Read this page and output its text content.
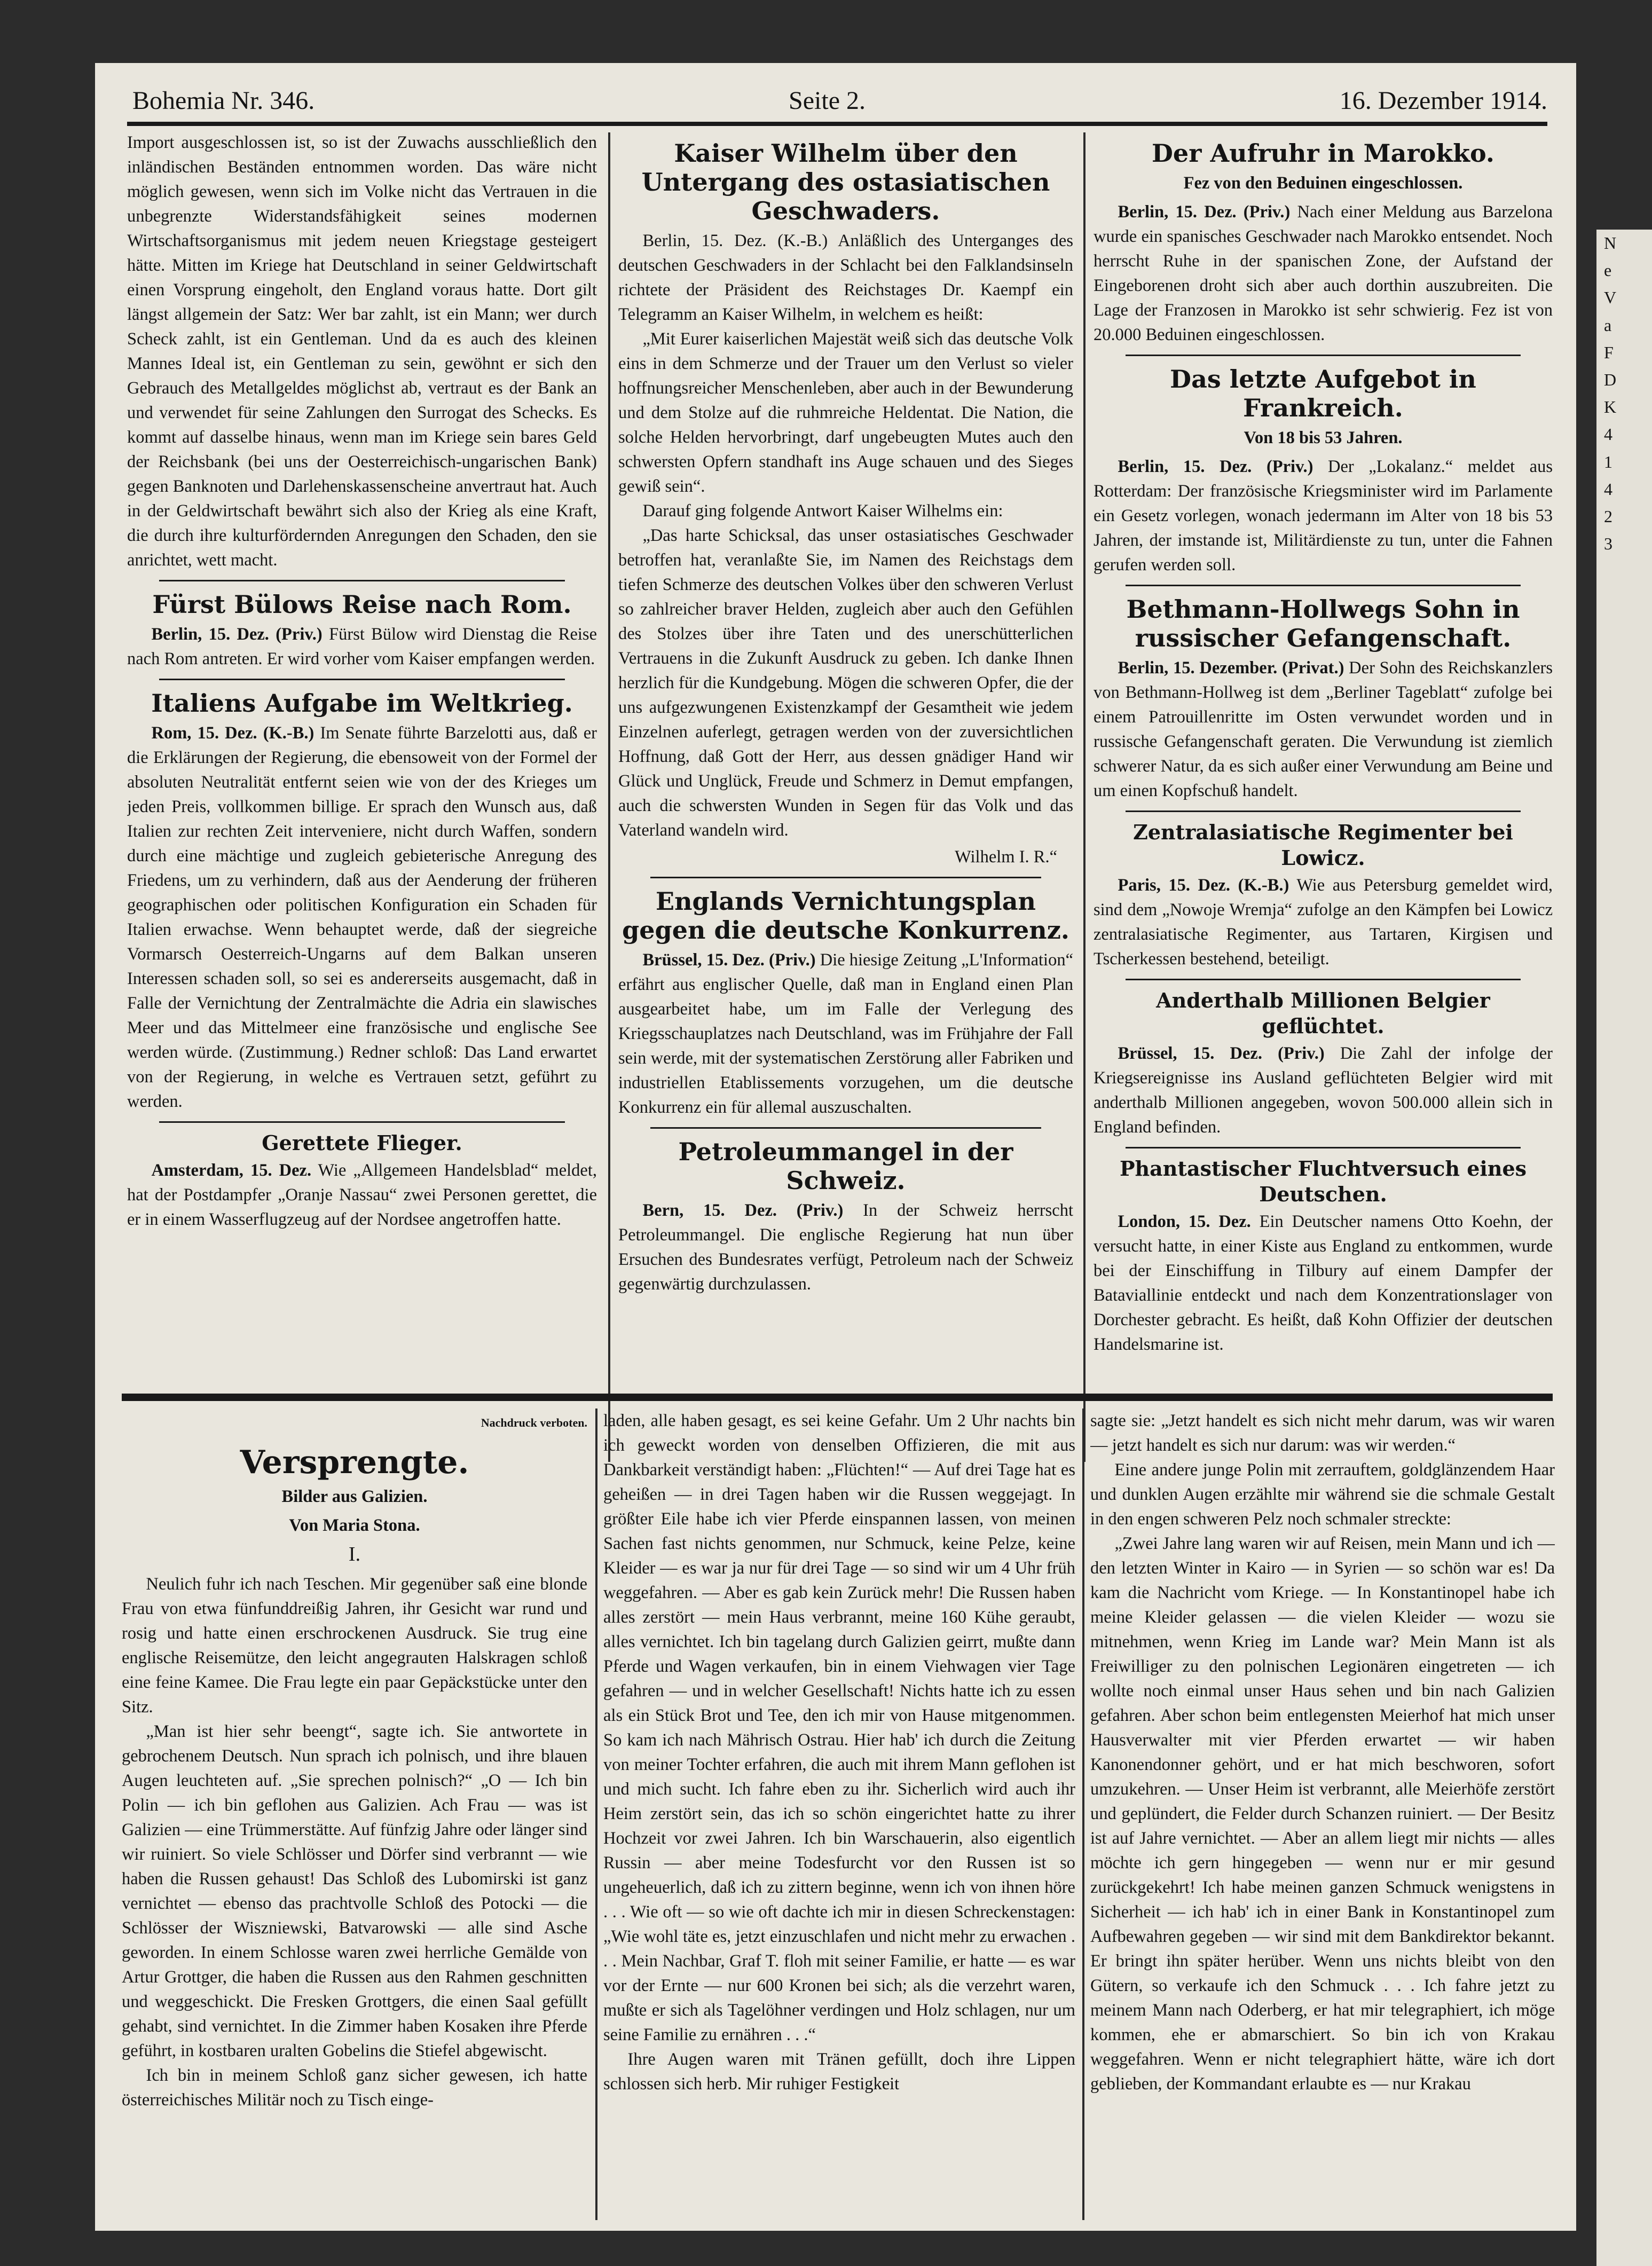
Bohemia Nr. 346.	Seite 2.	16. Dezember 1914.

Import ausgeschlossen ist, so ist der Zuwachs ausschließlich den inländischen Beständen entnommen worden. Das wäre nicht möglich gewesen, wenn sich im Volke nicht das Vertrauen in die unbegrenzte Widerstandsfähigkeit seines modernen Wirtschaftsorganismus mit jedem neuen Kriegstage gesteigert hätte. Mitten im Kriege hat Deutschland in seiner Geldwirtschaft einen Vorsprung eingeholt, den England voraus hatte. Dort gilt längst allgemein der Satz: Wer bar zahlt, ist ein Mann; wer durch Scheck zahlt, ist ein Gentleman. Und da es auch des kleinen Mannes Ideal ist, ein Gentleman zu sein, gewöhnt er sich den Gebrauch des Metallgeldes möglichst ab, vertraut es der Bank an und verwendet für seine Zahlungen den Surrogat des Schecks. Es kommt auf dasselbe hinaus, wenn man im Kriege sein bares Geld der Reichsbank (bei uns der Oesterreichisch-ungarischen Bank) gegen Banknoten und Darlehenskassenscheine anvertraut hat. Auch in der Geldwirtschaft bewährt sich also der Krieg als eine Kraft, die durch ihre kulturfördernden Anregungen den Schaden, den sie anrichtet, wett macht.

Fürst Bülows Reise nach Rom.

Berlin, 15. Dez. (Priv.) Fürst Bülow wird Dienstag die Reise nach Rom antreten. Er wird vorher vom Kaiser empfangen werden.

Italiens Aufgabe im Weltkrieg.

Rom, 15. Dez. (K.-B.) Im Senate führte Barzelotti aus, daß er die Erklärungen der Regierung, die ebensoweit von der Formel der absoluten Neutralität entfernt seien wie von der des Krieges um jeden Preis, vollkommen billige. Er sprach den Wunsch aus, daß Italien zur rechten Zeit interveniere, nicht durch Waffen, sondern durch eine mächtige und zugleich gebieterische Anregung des Friedens, um zu verhindern, daß aus der Aenderung der früheren geographischen oder politischen Konfiguration ein Schaden für Italien erwachse. Wenn behauptet werde, daß der siegreiche Vormarsch Oesterreich-Ungarns auf dem Balkan unseren Interessen schaden soll, so sei es andererseits ausgemacht, daß in Falle der Vernichtung der Zentralmächte die Adria ein slawisches Meer und das Mittelmeer eine französische und englische See werden würde. (Zustimmung.) Redner schloß: Das Land erwartet von der Regierung, in welche es Vertrauen setzt, geführt zu werden.

Gerettete Flieger.

Amsterdam, 15. Dez. Wie „Allgemeen Handelsblad“ meldet, hat der Postdampfer „Oranje Nassau“ zwei Personen gerettet, die er in einem Wasserflugzeug auf der Nordsee angetroffen hatte.

Kaiser Wilhelm über den Untergang des ostasiatischen Geschwaders.

Berlin, 15. Dez. (K.-B.) Anläßlich des Unterganges des deutschen Geschwaders in der Schlacht bei den Falklandsinseln richtete der Präsident des Reichstages Dr. Kaempf ein Telegramm an Kaiser Wilhelm, in welchem es heißt:

„Mit Eurer kaiserlichen Majestät weiß sich das deutsche Volk eins in dem Schmerze und der Trauer um den Verlust so vieler hoffnungsreicher Menschenleben, aber auch in der Bewunderung und dem Stolze auf die ruhmreiche Heldentat. Die Nation, die solche Helden hervorbringt, darf ungebeugten Mutes auch den schwersten Opfern standhaft ins Auge schauen und des Sieges gewiß sein“.

Darauf ging folgende Antwort Kaiser Wilhelms ein:

„Das harte Schicksal, das unser ostasiatisches Geschwader betroffen hat, veranlaßte Sie, im Namen des Reichstags dem tiefen Schmerze des deutschen Volkes über den schweren Verlust so zahlreicher braver Helden, zugleich aber auch den Gefühlen des Stolzes über ihre Taten und des unerschütterlichen Vertrauens in die Zukunft Ausdruck zu geben. Ich danke Ihnen herzlich für die Kundgebung. Mögen die schweren Opfer, die der uns aufgezwungenen Existenzkampf der Gesamtheit wie jedem Einzelnen auferlegt, getragen werden von der zuversichtlichen Hoffnung, daß Gott der Herr, aus dessen gnädiger Hand wir Glück und Unglück, Freude und Schmerz in Demut empfangen, auch die schwersten Wunden in Segen für das Volk und das Vaterland wandeln wird.

Wilhelm I. R.“
Englands Vernichtungsplan gegen die deutsche Konkurrenz.

Brüssel, 15. Dez. (Priv.) Die hiesige Zeitung „L'Information“ erfährt aus englischer Quelle, daß man in England einen Plan ausgearbeitet habe, um im Falle der Verlegung des Kriegsschauplatzes nach Deutschland, was im Frühjahre der Fall sein werde, mit der systematischen Zerstörung aller Fabriken und industriellen Etablissements vorzugehen, um die deutsche Konkurrenz ein für allemal auszuschalten.

Petroleummangel in der Schweiz.

Bern, 15. Dez. (Priv.) In der Schweiz herrscht Petroleummangel. Die englische Regierung hat nun über Ersuchen des Bundesrates verfügt, Petroleum nach der Schweiz gegenwärtig durchzulassen.

Der Aufruhr in Marokko.
Fez von den Beduinen eingeschlossen.

Berlin, 15. Dez. (Priv.) Nach einer Meldung aus Barzelona wurde ein spanisches Geschwader nach Marokko entsendet. Noch herrscht Ruhe in der spanischen Zone, der Aufstand der Eingeborenen droht sich aber auch dorthin auszubreiten. Die Lage der Franzosen in Marokko ist sehr schwierig. Fez ist von 20.000 Beduinen eingeschlossen.

Das letzte Aufgebot in Frankreich.
Von 18 bis 53 Jahren.

Berlin, 15. Dez. (Priv.) Der „Lokalanz.“ meldet aus Rotterdam: Der französische Kriegsminister wird im Parlamente ein Gesetz vorlegen, wonach jedermann im Alter von 18 bis 53 Jahren, der imstande ist, Militärdienste zu tun, unter die Fahnen gerufen werden soll.

Bethmann-Hollwegs Sohn in russischer Gefangenschaft.

Berlin, 15. Dezember. (Privat.) Der Sohn des Reichskanzlers von Bethmann-Hollweg ist dem „Berliner Tageblatt“ zufolge bei einem Patrouillenritte im Osten verwundet worden und in russische Gefangenschaft geraten. Die Verwundung ist ziemlich schwerer Natur, da es sich außer einer Verwundung am Beine und um einen Kopfschuß handelt.

Zentralasiatische Regimenter bei Lowicz.

Paris, 15. Dez. (K.-B.) Wie aus Petersburg gemeldet wird, sind dem „Nowoje Wremja“ zufolge an den Kämpfen bei Lowicz zentralasiatische Regimenter, aus Tartaren, Kirgisen und Tscherkessen bestehend, beteiligt.

Anderthalb Millionen Belgier geflüchtet.

Brüssel, 15. Dez. (Priv.) Die Zahl der infolge der Kriegsereignisse ins Ausland geflüchteten Belgier wird mit anderthalb Millionen angegeben, wovon 500.000 allein sich in England befinden.

Phantastischer Fluchtversuch eines Deutschen.

London, 15. Dez. Ein Deutscher namens Otto Koehn, der versucht hatte, in einer Kiste aus England zu entkommen, wurde bei der Einschiffung in Tilbury auf einem Dampfer der Bataviallinie entdeckt und nach dem Konzentrationslager von Dorchester gebracht. Es heißt, daß Kohn Offizier der deutschen Handelsmarine ist.

Nachdruck verboten.
Versprengte.
Bilder aus Galizien.
Von Maria Stona.
I.

Neulich fuhr ich nach Teschen. Mir gegenüber saß eine blonde Frau von etwa fünfunddreißig Jahren, ihr Gesicht war rund und rosig und hatte einen erschrockenen Ausdruck. Sie trug eine englische Reisemütze, den leicht angegrauten Halskragen schloß eine feine Kamee. Die Frau legte ein paar Gepäckstücke unter den Sitz.

„Man ist hier sehr beengt“, sagte ich. Sie antwortete in gebrochenem Deutsch. Nun sprach ich polnisch, und ihre blauen Augen leuchteten auf. „Sie sprechen polnisch?“ „O — Ich bin Polin — ich bin geflohen aus Galizien. Ach Frau — was ist Galizien — eine Trümmerstätte. Auf fünfzig Jahre oder länger sind wir ruiniert. So viele Schlösser und Dörfer sind verbrannt — wie haben die Russen gehaust! Das Schloß des Lubomirski ist ganz vernichtet — ebenso das prachtvolle Schloß des Potocki — die Schlösser der Wiszniewski, Batvarowski — alle sind Asche geworden. In einem Schlosse waren zwei herrliche Gemälde von Artur Grottger, die haben die Russen aus den Rahmen geschnitten und weggeschickt. Die Fresken Grottgers, die einen Saal gefüllt gehabt, sind vernichtet. In die Zimmer haben Kosaken ihre Pferde geführt, in kostbaren uralten Gobelins die Stiefel abgewischt.

Ich bin in meinem Schloß ganz sicher gewesen, ich hatte österreichisches Militär noch zu Tisch einge-

laden, alle haben gesagt, es sei keine Gefahr. Um 2 Uhr nachts bin ich geweckt worden von denselben Offizieren, die mit aus Dankbarkeit verständigt haben: „Flüchten!“ — Auf drei Tage hat es geheißen — in drei Tagen haben wir die Russen weggejagt. In größter Eile habe ich vier Pferde einspannen lassen, von meinen Sachen fast nichts genommen, nur Schmuck, keine Pelze, keine Kleider — es war ja nur für drei Tage — so sind wir um 4 Uhr früh weggefahren. — Aber es gab kein Zurück mehr! Die Russen haben alles zerstört — mein Haus verbrannt, meine 160 Kühe geraubt, alles vernichtet. Ich bin tagelang durch Galizien geirrt, mußte dann Pferde und Wagen verkaufen, bin in einem Viehwagen vier Tage gefahren — und in welcher Gesellschaft! Nichts hatte ich zu essen als ein Stück Brot und Tee, den ich mir von Hause mitgenommen. So kam ich nach Mährisch Ostrau. Hier hab' ich durch die Zeitung von meiner Tochter erfahren, die auch mit ihrem Mann geflohen ist und mich sucht. Ich fahre eben zu ihr. Sicherlich wird auch ihr Heim zerstört sein, das ich so schön eingerichtet hatte zu ihrer Hochzeit vor zwei Jahren. Ich bin Warschauerin, also eigentlich Russin — aber meine Todesfurcht vor den Russen ist so ungeheuerlich, daß ich zu zittern beginne, wenn ich von ihnen höre . . . Wie oft — so wie oft dachte ich mir in diesen Schreckenstagen: „Wie wohl täte es, jetzt einzuschlafen und nicht mehr zu erwachen . . . Mein Nachbar, Graf T. floh mit seiner Familie, er hatte — es war vor der Ernte — nur 600 Kronen bei sich; als die verzehrt waren, mußte er sich als Tagelöhner verdingen und Holz schlagen, nur um seine Familie zu ernähren . . .“

Ihre Augen waren mit Tränen gefüllt, doch ihre Lippen schlossen sich herb. Mir ruhiger Festigkeit

sagte sie: „Jetzt handelt es sich nicht mehr darum, was wir waren — jetzt handelt es sich nur darum: was wir werden.“

Eine andere junge Polin mit zerrauftem, goldglänzendem Haar und dunklen Augen erzählte mir während sie die schmale Gestalt in den engen schweren Pelz noch schmaler streckte:

„Zwei Jahre lang waren wir auf Reisen, mein Mann und ich — den letzten Winter in Kairo — in Syrien — so schön war es! Da kam die Nachricht vom Kriege. — In Konstantinopel habe ich meine Kleider gelassen — die vielen Kleider — wozu sie mitnehmen, wenn Krieg im Lande war? Mein Mann ist als Freiwilliger zu den polnischen Legionären eingetreten — ich wollte noch einmal unser Haus sehen und bin nach Galizien gefahren. Aber schon beim entlegensten Meierhof hat mich unser Hausverwalter mit vier Pferden erwartet — wir haben Kanonendonner gehört, und er hat mich beschworen, sofort umzukehren. — Unser Heim ist verbrannt, alle Meierhöfe zerstört und geplündert, die Felder durch Schanzen ruiniert. — Der Besitz ist auf Jahre vernichtet. — Aber an allem liegt mir nichts — alles möchte ich gern hingegeben — wenn nur er mir gesund zurückgekehrt! Ich habe meinen ganzen Schmuck wenigstens in Sicherheit — ich hab' ich in einer Bank in Konstantinopel zum Aufbewahren gegeben — wir sind mit dem Bankdirektor bekannt. Er bringt ihn später herüber. Wenn uns nichts bleibt von den Gütern, so verkaufe ich den Schmuck . . . Ich fahre jetzt zu meinem Mann nach Oderberg, er hat mir telegraphiert, ich möge kommen, ehe er abmarschiert. So bin ich von Krakau weggefahren. Wenn er nicht telegraphiert hätte, wäre ich dort geblieben, der Kommandant erlaubte es — nur Krakau

N
e
V
a
F
D
K
4
1
4
2
3
